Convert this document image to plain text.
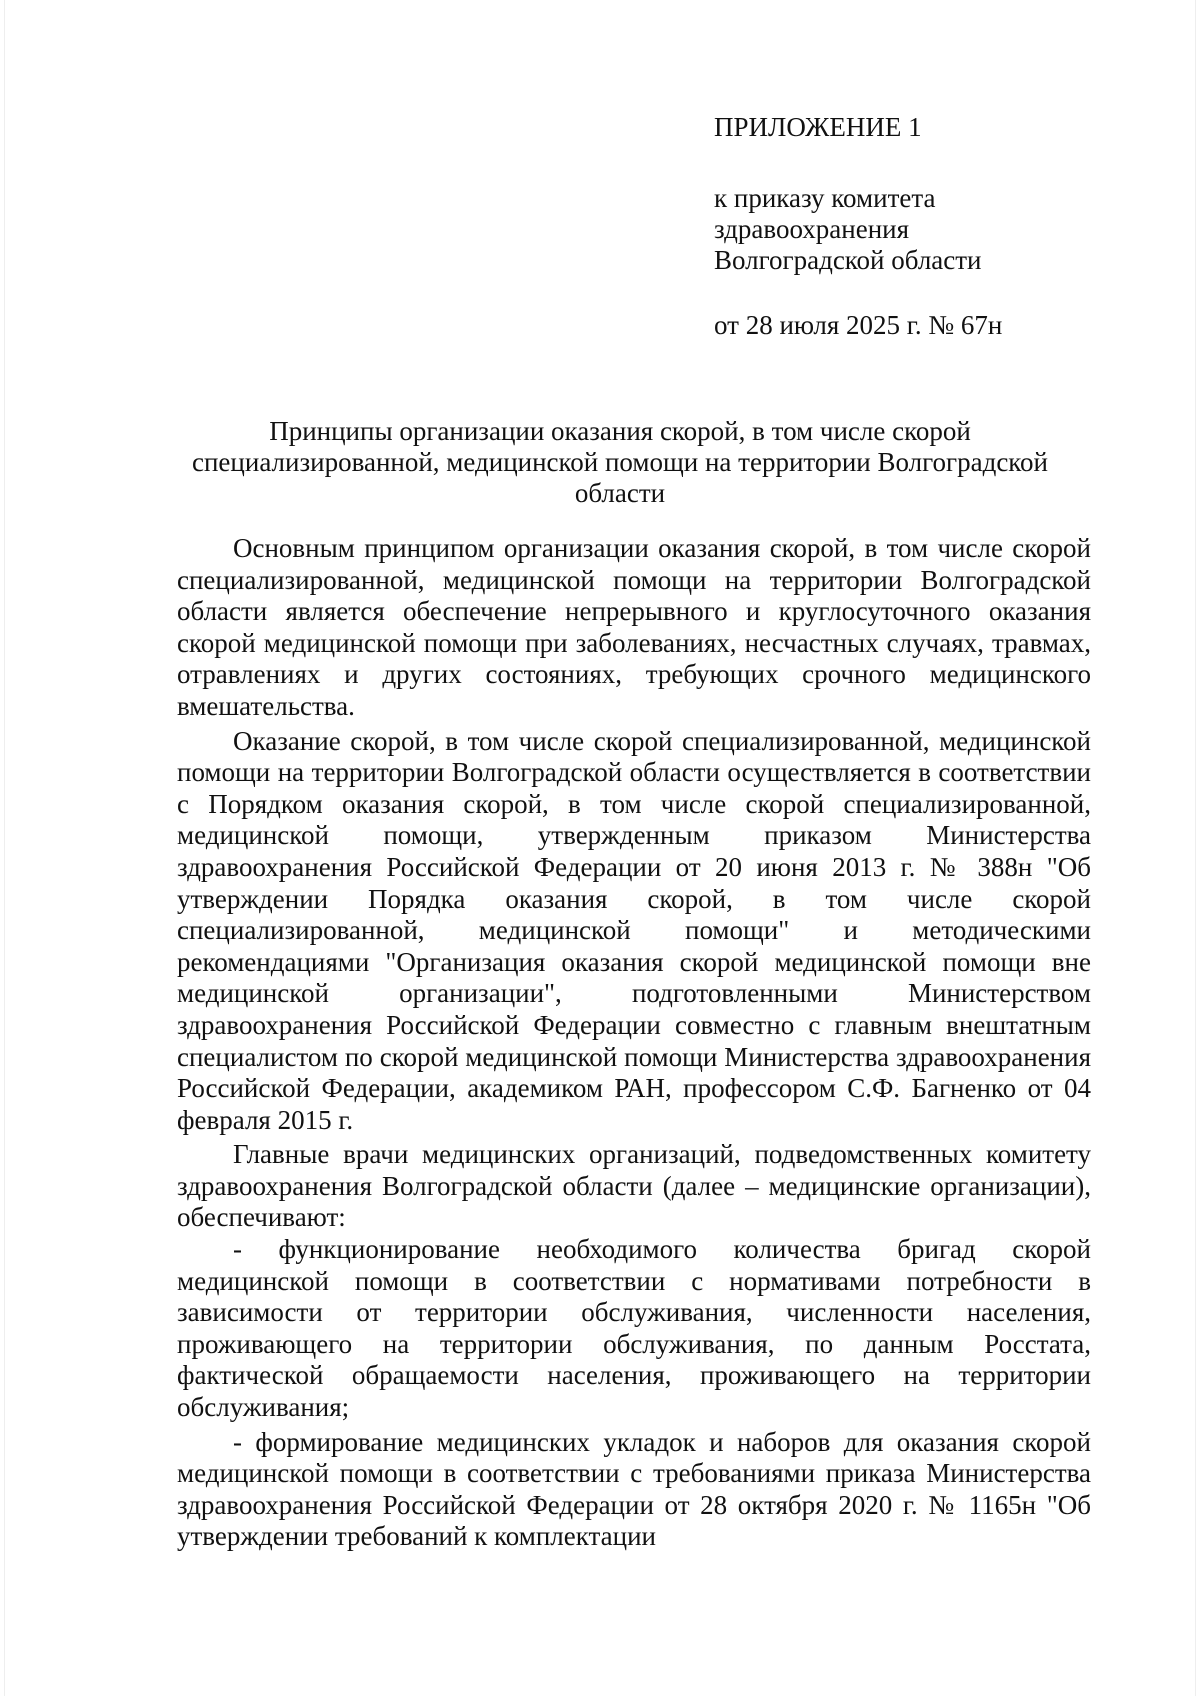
ПРИЛОЖЕНИЕ 1
к приказу комитета
здравоохранения
Волгоградской области
от 28 июля 2025 г. № 67н
Принципы организации оказания скорой, в том числе скорой специализированной, медицинской помощи на территории Волгоградской области

Основным принципом организации оказания скорой, в том числе скорой специализированной, медицинской помощи на территории Волгоградской области является обеспечение непрерывного и круглосуточного оказания скорой медицинской помощи при заболеваниях, несчастных случаях, травмах, отравлениях и других состояниях, требующих срочного медицинского вмешательства.

Оказание скорой, в том числе скорой специализированной, медицинской помощи на территории Волгоградской области осуществляется в соответствии с Порядком оказания скорой, в том числе скорой специализированной, медицинской помощи, утвержденным приказом Министерства здравоохранения Российской Федерации от 20 июня 2013 г. № 388н "Об утверждении Порядка оказания скорой, в том числе скорой специализированной, медицинской помощи" и методическими рекомендациями "Организация оказания скорой медицинской помощи вне медицинской организации", подготовленными Министерством здравоохранения Российской Федерации совместно с главным внештатным специалистом по скорой медицинской помощи Министерства здравоохранения Российской Федерации, академиком РАН, профессором С.Ф. Багненко от 04 февраля 2015 г.

Главные врачи медицинских организаций, подведомственных комитету здравоохранения Волгоградской области (далее – медицинские организации), обеспечивают:

- функционирование необходимого количества бригад скорой медицинской помощи в соответствии с нормативами потребности в зависимости от территории обслуживания, численности населения, проживающего на территории обслуживания, по данным Росстата, фактической обращаемости населения, проживающего на территории обслуживания;

- формирование медицинских укладок и наборов для оказания скорой медицинской помощи в соответствии с требованиями приказа Министерства здравоохранения Российской Федерации от 28 октября 2020 г. № 1165н "Об утверждении требований к комплектации
